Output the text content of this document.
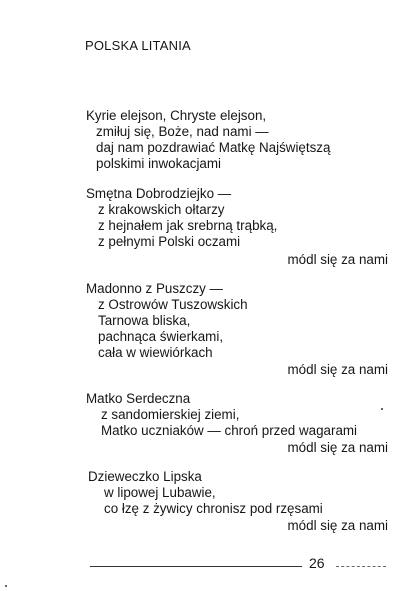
POLSKA LITANIA
Kyrie elejson, Chryste elejson,
zmiłuj się, Boże, nad nami —
daj nam pozdrawiać Matkę Najświętszą
polskimi inwokacjami
Smętna Dobrodziejko —
z krakowskich ołtarzy
z hejnałem jak srebrną trąbką,
z pełnymi Polski oczami
módl się za nami
Madonno z Puszczy —
z Ostrowów Tuszowskich
Tarnowa bliska,
pachnąca świerkami,
cała w wiewiórkach
módl się za nami
Matko Serdeczna
z sandomierskiej ziemi,
Matko uczniaków — chroń przed wagarami
módl się za nami
Dzieweczko Lipska
w lipowej Lubawie,
co łzę z żywicy chronisz pod rzęsami
módl się za nami
26
